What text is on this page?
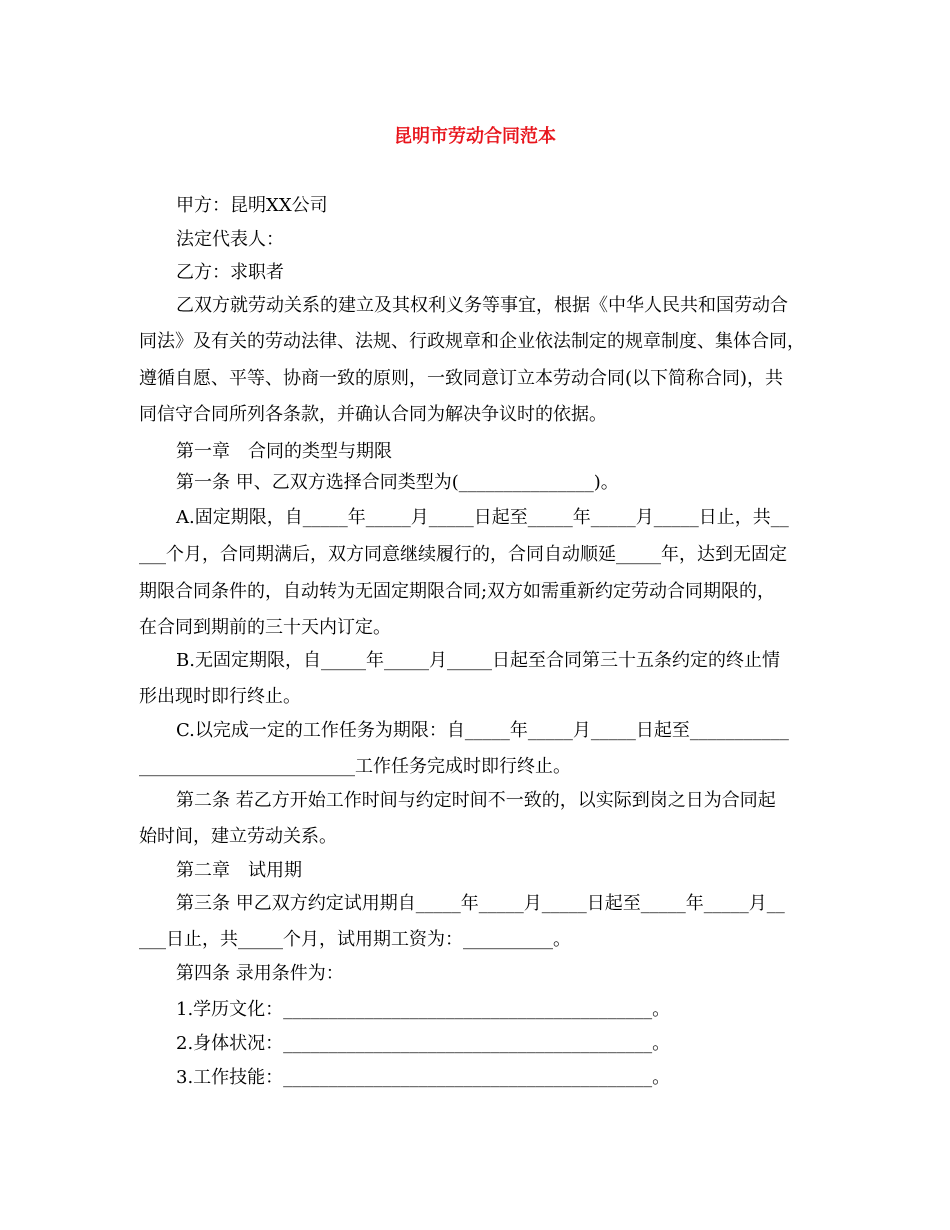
昆明市劳动合同范本

甲方：昆明XX公司

法定代表人：

乙方：求职者

乙双方就劳动关系的建立及其权利义务等事宜，根据《中华人民共和国劳动合

同法》及有关的劳动法律、法规、行政规章和企业依法制定的规章制度、集体合同，

遵循自愿、平等、协商一致的原则，一致同意订立本劳动合同(以下简称合同)，共

同信守合同所列各条款，并确认合同为解决争议时的依据。

第一章　合同的类型与期限

第一条 甲、乙双方选择合同类型为(_______________)。

A.固定期限，自_____年_____月_____日起至_____年_____月_____日止，共__

___个月，合同期满后，双方同意继续履行的，合同自动顺延_____年，达到无固定

期限合同条件的，自动转为无固定期限合同;双方如需重新约定劳动合同期限的，

在合同到期前的三十天内订定。

B.无固定期限，自_____年_____月_____日起至合同第三十五条约定的终止情

形出现时即行终止。

C.以完成一定的工作任务为期限：自_____年_____月_____日起至___________

________________________工作任务完成时即行终止。

第二条 若乙方开始工作时间与约定时间不一致的，以实际到岗之日为合同起

始时间，建立劳动关系。

第二章　试用期

第三条 甲乙双方约定试用期自_____年_____月_____日起至_____年_____月__

___日止，共_____个月，试用期工资为：__________。

第四条 录用条件为：

1.学历文化：_________________________________________。

2.身体状况：_________________________________________。

3.工作技能：_________________________________________。
